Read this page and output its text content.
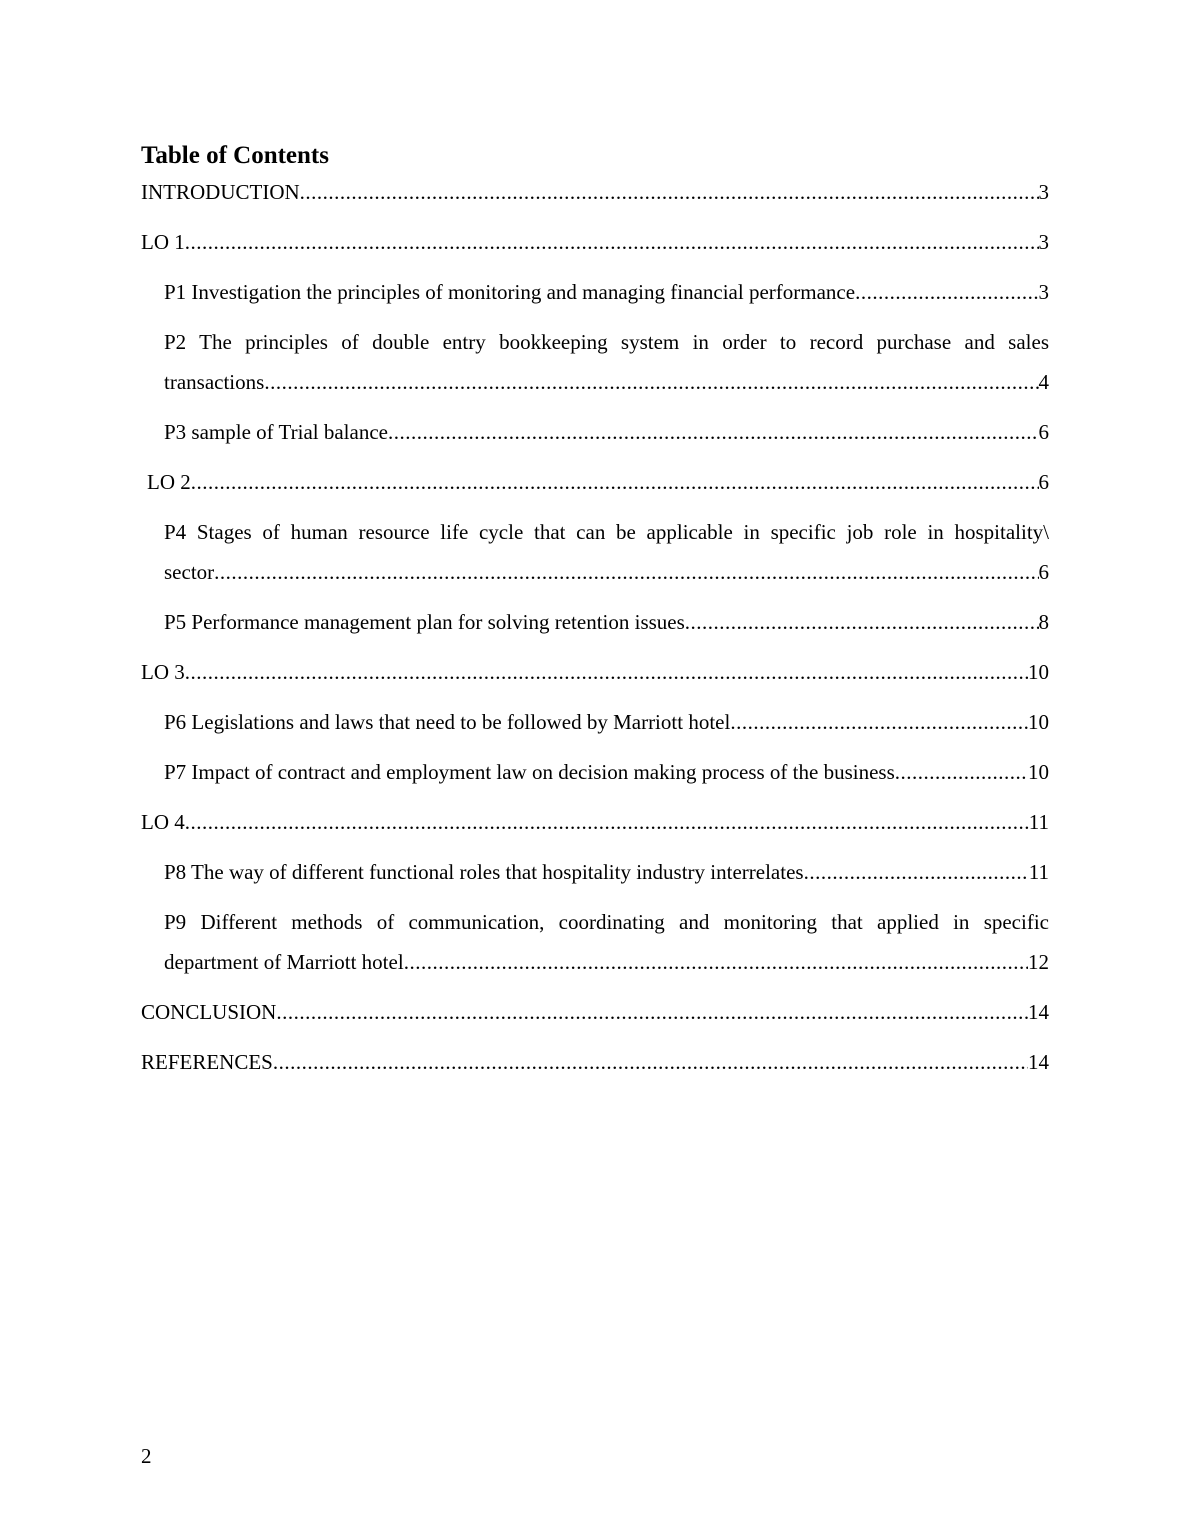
Table of Contents
INTRODUCTION .....	3
LO 1 .....	3
P1 Investigation the principles of monitoring and managing financial performance .....	3
P2 The principles of double entry bookkeeping system in order to record purchase and sales
transactions .....	4
P3 sample of Trial balance .....	6
LO 2 .....	6
P4 Stages of human resource life cycle that can be applicable in specific job role in hospitality\
sector .....	6
P5 Performance management plan for solving retention issues .....	8
LO 3 .....	10
P6 Legislations and laws that need to be followed by Marriott hotel .....	10
P7 Impact of contract and employment law on decision making process of the business .....	10
LO 4 .....	11
P8 The way of different functional roles that hospitality industry interrelates .....	11
P9 Different methods of communication, coordinating and monitoring that applied in specific
department of Marriott hotel .....	12
CONCLUSION .....	14
REFERENCES .....	14
2
